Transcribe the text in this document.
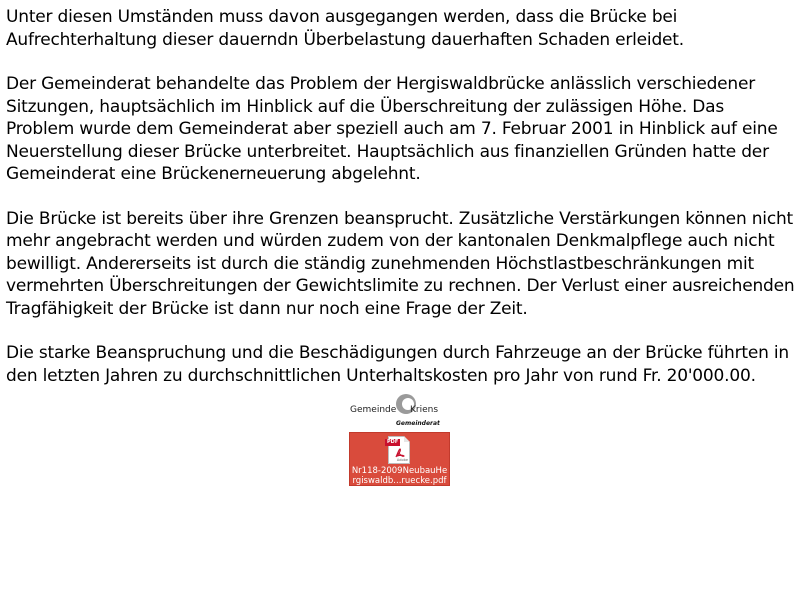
Unter diesen Umständen muss davon ausgegangen werden, dass die Brücke bei
Aufrechterhaltung dieser dauerndn Überbelastung dauerhaften Schaden erleidet.

Der Gemeinderat behandelte das Problem der Hergiswaldbrücke anlässlich verschiedener
Sitzungen, hauptsächlich im Hinblick auf die Überschreitung der zulässigen Höhe. Das
Problem wurde dem Gemeinderat aber speziell auch am 7. Februar 2001 in Hinblick auf eine
Neuerstellung dieser Brücke unterbreitet. Hauptsächlich aus finanziellen Gründen hatte der
Gemeinderat eine Brückenerneuerung abgelehnt.

Die Brücke ist bereits über ihre Grenzen beansprucht. Zusätzliche Verstärkungen können nicht
mehr angebracht werden und würden zudem von der kantonalen Denkmalpflege auch nicht
bewilligt. Andererseits ist durch die ständig zunehmenden Höchstlastbeschränkungen mit
vermehrten Überschreitungen der Gewichtslimite zu rechnen. Der Verlust einer ausreichenden
Tragfähigkeit der Brücke ist dann nur noch eine Frage der Zeit.

Die starke Beanspruchung und die Beschädigungen durch Fahrzeuge an der Brücke führten in
den letzten Jahren zu durchschnittlichen Unterhaltskosten pro Jahr von rund Fr. 20'000.00.

Gemeinde Kriens
Gemeinderat
PDF
Adobe
Nr118-2009NeubauHe
rgiswaldb...ruecke.pdf
